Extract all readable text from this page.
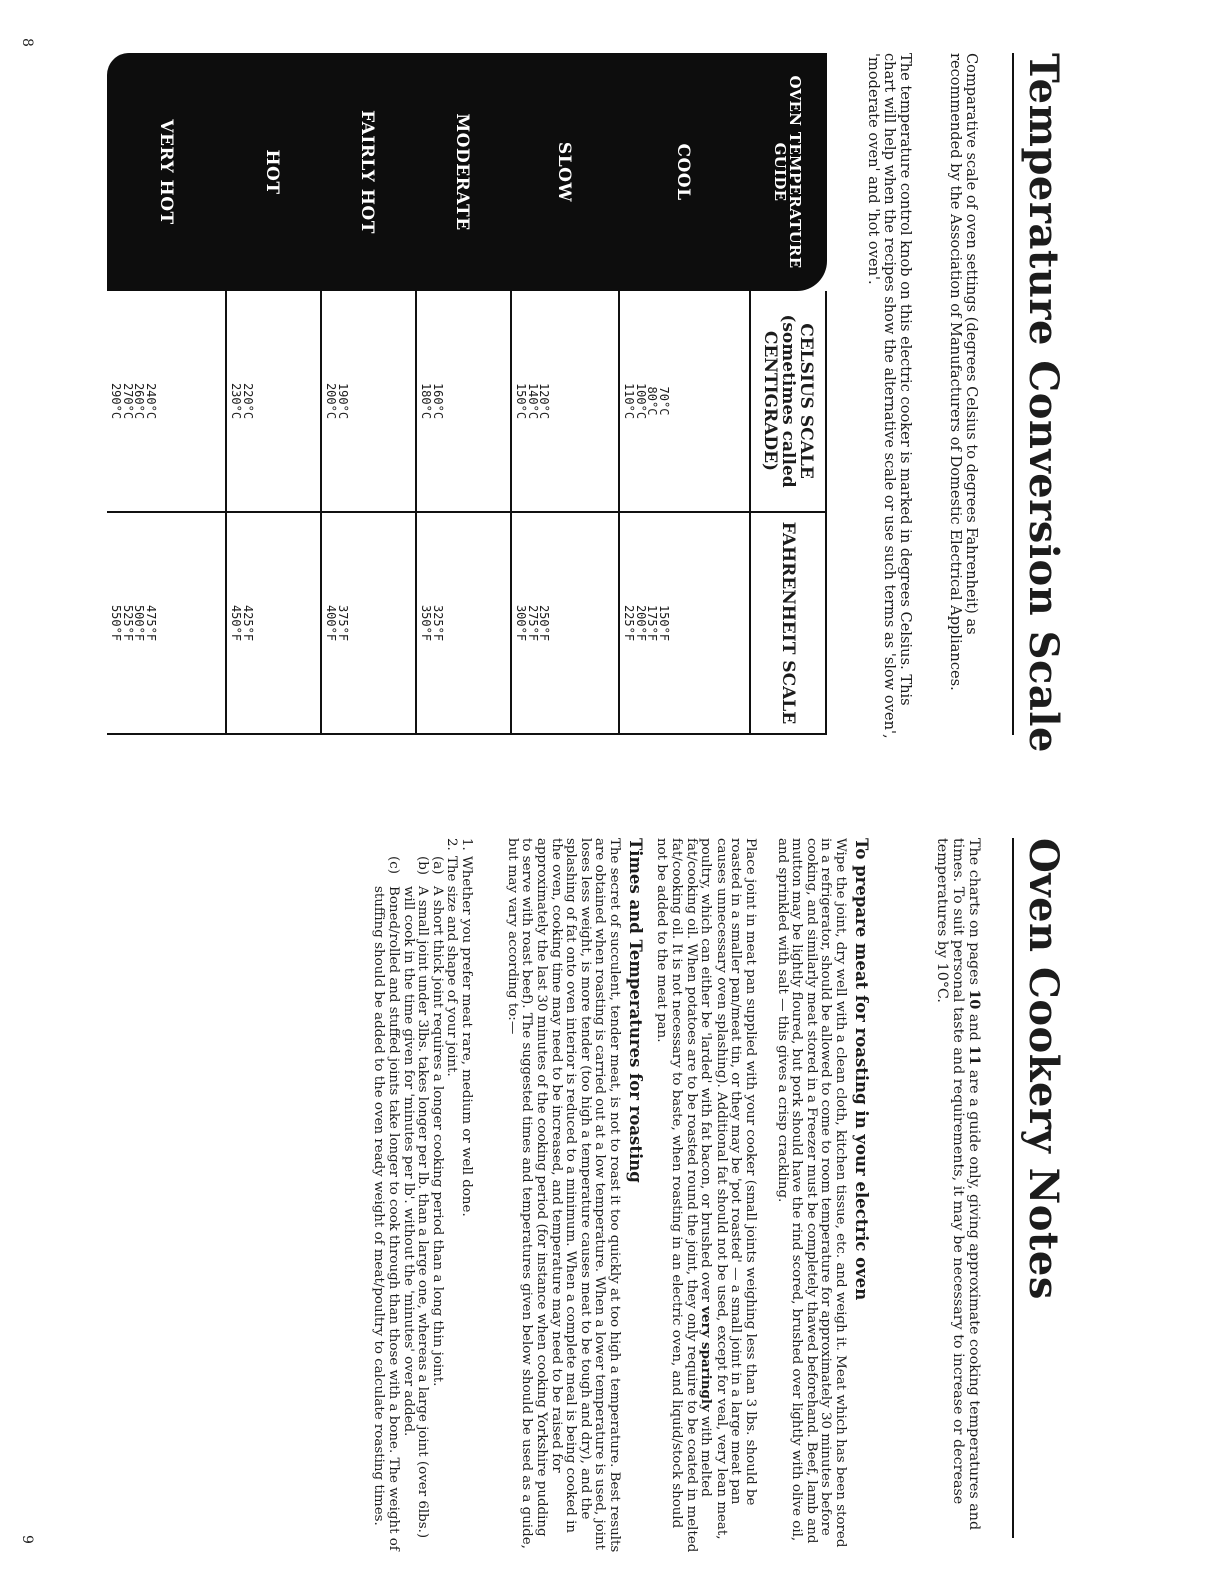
8
9
Temperature Conversion Scale

Comparative scale of oven settings (degrees Celsius to degrees Fahrenheit) as recommended by the Association of Manufacturers of Domestic Electrical Appliances.

The temperature control knob on this electric cooker is marked in degrees Celsius. This chart will help when the recipes show the alternative scale or use such terms as 'slow oven', 'moderate oven' and 'hot oven'.

OVEN TEMPERATURE GUIDE
CELSIUS SCALE (sometimes called CENTIGRADE)
FAHRENHEIT SCALE
COOL
70°C
80°C
100°C
110°C
150°F
175°F
200°F
225°F
SLOW
120°C
140°C
150°C
250°F
275°F
300°F
MODERATE
160°C
180°C
325°F
350°F
FAIRLY HOT
190°C
200°C
375°F
400°F
HOT
220°C
230°C
425°F
450°F
VERY HOT
240°C
260°C
270°C
290°C
475°F
500°F
525°F
550°F
Oven Cookery Notes

The charts on pages 10 and 11 are a guide only, giving approximate cooking temperatures and times. To suit personal taste and requirements, it may be necessary to increase or decrease temperatures by 10°C.

To prepare meat for roasting in your electric oven

Wipe the joint, dry well with a clean cloth, kitchen tissue, etc. and weigh it. Meat which has been stored in a refrigerator, should be allowed to come to room temperature for approximately 30 minutes before cooking, and similarly meat stored in a Freezer must be completely thawed beforehand. Beef, lamb and mutton may be lightly floured, but pork should have the rind scored, brushed over lightly with olive oil, and sprinkled with salt — this gives a crisp crackling.

Place joint in meat pan supplied with your cooker (small joints weighing less than 3 lbs. should be roasted in a smaller pan/meat tin, or they may be 'pot roasted' — a small joint in a large meat pan causes unnecessary oven splashing). Additional fat should not be used, except for veal, very lean meat, poultry, which can either be 'larded' with fat bacon, or brushed over very sparingly with melted fat/cooking oil. When potatoes are to be roasted round the joint, they only require to be coated in melted fat/cooking oil. It is not necessary to baste, when roasting in an electric oven, and liquid/stock should not be added to the meat pan.

Times and Temperatures for roasting

The secret of succulent, tender meat, is not to roast it too quickly at too high a temperature. Best results are obtained when roasting is carried out at a low temperature. When a lower temperature is used, joint loses less weight, is more tender (too high a temperature causes meat to be tough and dry), and the splashing of fat onto oven interior is reduced to a minimum. When a complete meal is being cooked in the oven, cooking time may need to be increased, and temperature may need to be raised for approximately the last 30 minutes of the cooking period (for instance when cooking Yorkshire pudding to serve with roast beef). The suggested times and temperatures given below should be used as a guide, but may vary according to:—

1.
Whether you prefer meat rare, medium or well done.
2.
The size and shape of your joint.
(a)
A short thick joint requires a longer cooking period than a long thin joint.
(b)
A small joint under 3lbs. takes longer per lb. than a large one, whereas a large joint (over 6lbs.) will cook in the time given for 'minutes per lb'. without the 'minutes' over added.
(c)
Boned/rolled and stuffed joints take longer to cook through than those with a bone. The weight of stuffing should be added to the oven ready weight of meat/poultry to calculate roasting times.
